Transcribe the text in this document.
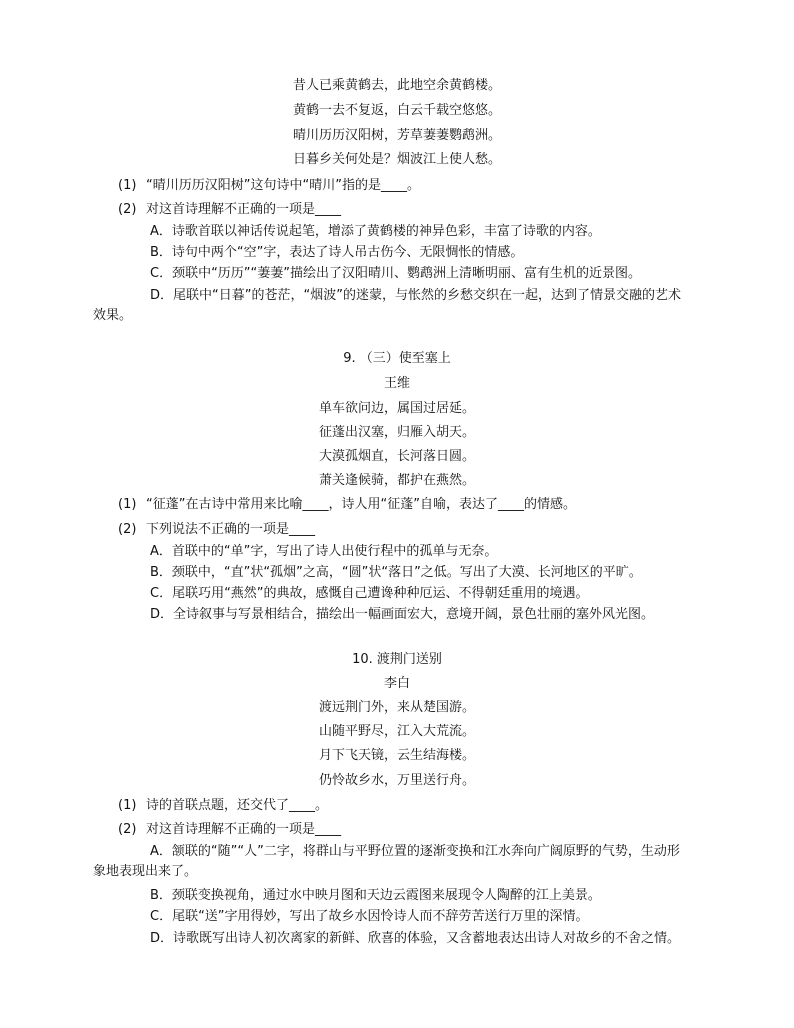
昔人已乘黄鹤去，此地空余黄鹤楼。
黄鹤一去不复返，白云千载空悠悠。
晴川历历汉阳树，芳草萋萋鹦鹉洲。
日暮乡关何处是？烟波江上使人愁。
(1) “晴川历历汉阳树”这句诗中“晴川”指的是____。
(2) 对这首诗理解不正确的一项是____
A．诗歌首联以神话传说起笔，增添了黄鹤楼的神异色彩，丰富了诗歌的内容。
B．诗句中两个“空”字，表达了诗人吊古伤今、无限惆怅的情感。
C．颈联中“历历”“萋萋”描绘出了汉阳晴川、鹦鹉洲上清晰明丽、富有生机的近景图。
D．尾联中“日暮”的苍茫，“烟波”的迷蒙，与怅然的乡愁交织在一起，达到了情景交融的艺术
效果。
9. （三）使至塞上
王维
单车欲问边，属国过居延。
征蓬出汉塞，归雁入胡天。
大漠孤烟直，长河落日圆。
萧关逢候骑，都护在燕然。
(1) “征蓬”在古诗中常用来比喻____，诗人用“征蓬”自喻，表达了____的情感。
(2) 下列说法不正确的一项是____
A．首联中的“单”字，写出了诗人出使行程中的孤单与无奈。
B．颈联中，“直”状“孤烟”之高，“圆”状“落日”之低。写出了大漠、长河地区的平旷。
C．尾联巧用“燕然”的典故，感慨自己遭谗种种厄运、不得朝廷重用的境遇。
D．全诗叙事与写景相结合，描绘出一幅画面宏大，意境开阔，景色壮丽的塞外风光图。
10. 渡荆门送别
李白
渡远荆门外，来从楚国游。
山随平野尽，江入大荒流。
月下飞天镜，云生结海楼。
仍怜故乡水，万里送行舟。
(1) 诗的首联点题，还交代了____。
(2) 对这首诗理解不正确的一项是____
A．颔联的“随”“人”二字，将群山与平野位置的逐渐变换和江水奔向广阔原野的气势，生动形
象地表现出来了。
B．颈联变换视角，通过水中映月图和天边云霞图来展现令人陶醉的江上美景。
C．尾联“送”字用得妙，写出了故乡水因怜诗人而不辞劳苦送行万里的深情。
D．诗歌既写出诗人初次离家的新鲜、欣喜的体验，又含蓄地表达出诗人对故乡的不舍之情。
